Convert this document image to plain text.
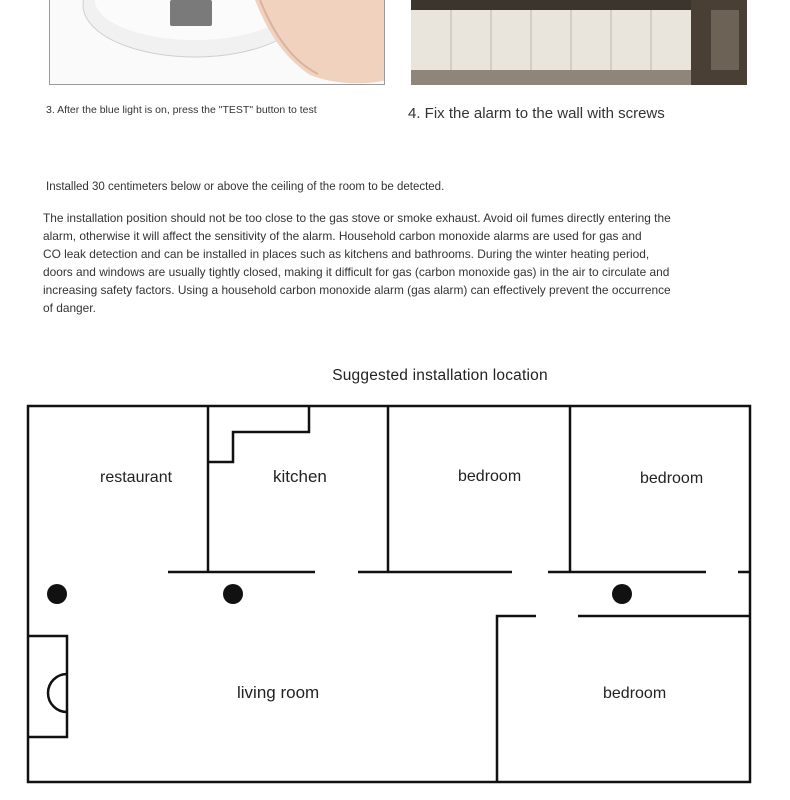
3. After the blue light is on, press the "TEST" button to test	4. Fix the alarm to the wall with screws
Installed 30 centimeters below or above the ceiling of the room to be detected.
The installation position should not be too close to the gas stove or smoke exhaust. Avoid oil fumes directly entering the
alarm, otherwise it will affect the sensitivity of the alarm. Household carbon monoxide alarms are used for gas and
CO leak detection and can be installed in places such as kitchens and bathrooms. During the winter heating period,
doors and windows are usually tightly closed, making it difficult for gas (carbon monoxide gas) in the air to circulate and
increasing safety factors. Using a household carbon monoxide alarm (gas alarm) can effectively prevent the occurrence
of danger.
Suggested installation location
restaurant	kitchen	bedroom	bedroom
living room	bedroom
